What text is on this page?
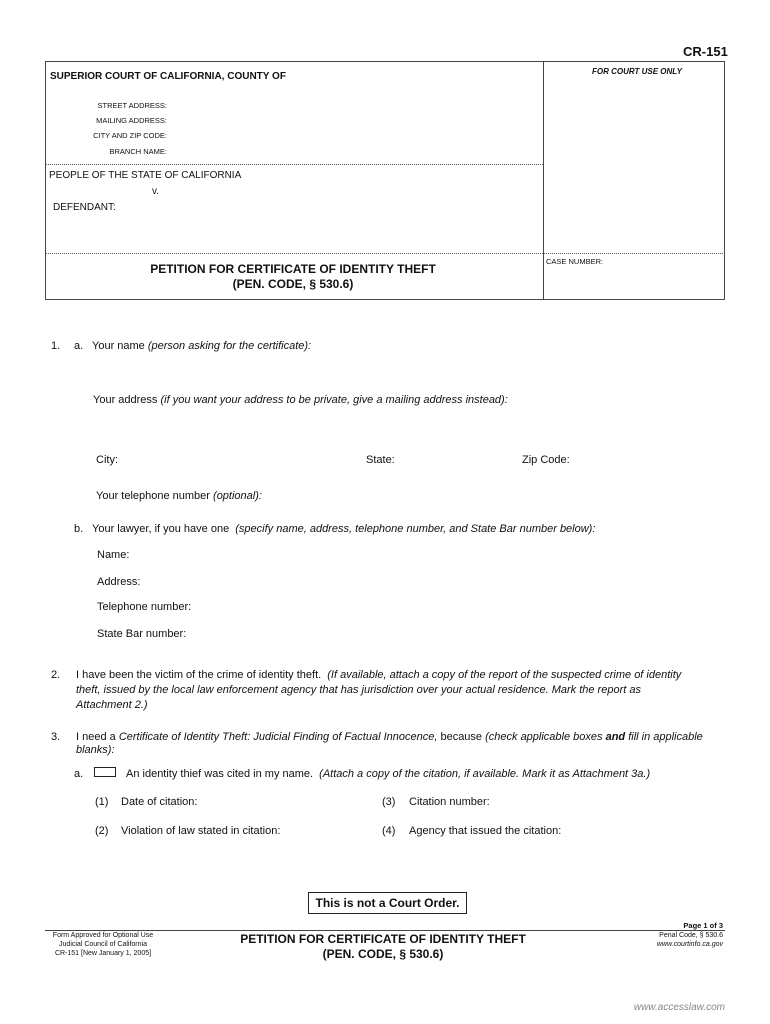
CR-151
FOR COURT USE ONLY
SUPERIOR COURT OF CALIFORNIA, COUNTY OF
STREET ADDRESS:
MAILING ADDRESS:
CITY AND ZIP CODE:
BRANCH NAME:
PEOPLE OF THE STATE OF CALIFORNIA
v.
DEFENDANT:
CASE NUMBER:
PETITION FOR CERTIFICATE OF IDENTITY THEFT
(PEN. CODE, § 530.6)
1. a. Your name (person asking for the certificate):
Your address (if you want your address to be private, give a mailing address instead):
City:	State:	Zip Code:
Your telephone number (optional):
b. Your lawyer, if you have one (specify name, address, telephone number, and State Bar number below):
Name:
Address:
Telephone number:
State Bar number:
2. I have been the victim of the crime of identity theft. (If available, attach a copy of the report of the suspected crime of identity
theft, issued by the local law enforcement agency that has jurisdiction over your actual residence. Mark the report as
Attachment 2.)
3. I need a Certificate of Identity Theft: Judicial Finding of Factual Innocence, because (check applicable boxes and fill in applicable
blanks):
a.	An identity thief was cited in my name. (Attach a copy of the citation, if available. Mark it as Attachment 3a.)
(1) Date of citation:	(3) Citation number:
(2) Violation of law stated in citation:	(4) Agency that issued the citation:
This is not a Court Order.
Page 1 of 3
Form Approved for Optional Use
Judicial Council of California
CR-151 [New January 1, 2005]
PETITION FOR CERTIFICATE OF IDENTITY THEFT
(PEN. CODE, § 530.6)
Penal Code, § 530.6
www.courtinfo.ca.gov
www.accesslaw.com
